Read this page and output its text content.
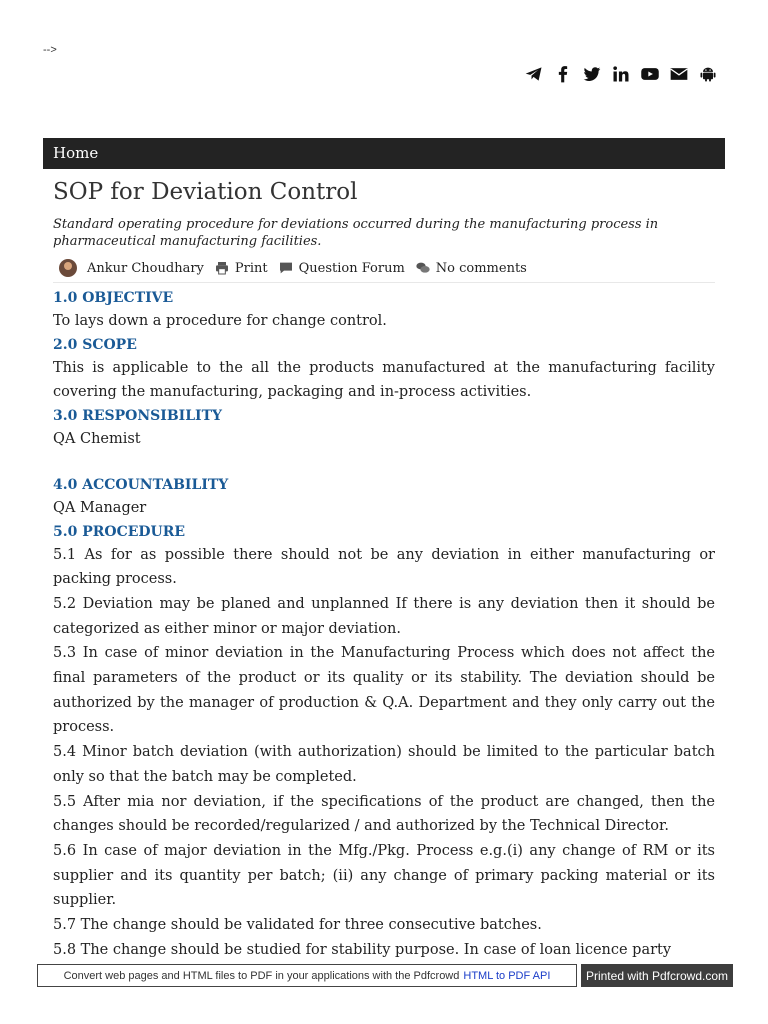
-->
Home
SOP for Deviation Control

Standard operating procedure for deviations occurred during the manufacturing process in pharmaceutical manufacturing facilities.

Ankur Choudhary Print Question Forum No comments

1.0 OBJECTIVE

To lays down a procedure for change control.

2.0 SCOPE

This is applicable to the all the products manufactured at the manufacturing facility covering the manufacturing, packaging and in-process activities.

3.0 RESPONSIBILITY

QA Chemist

4.0 ACCOUNTABILITY

QA Manager

5.0 PROCEDURE

5.1 As for as possible there should not be any deviation in either manufacturing or packing process.

5.2 Deviation may be planed and unplanned If there is any deviation then it should be categorized as either minor or major deviation.

5.3 In case of minor deviation in the Manufacturing Process which does not affect the final parameters of the product or its quality or its stability. The deviation should be authorized by the manager of production & Q.A. Department and they only carry out the process.

5.4 Minor batch deviation (with authorization) should be limited to the particular batch only so that the batch may be completed.

5.5 After mia nor deviation, if the specifications of the product are changed, then the changes should be recorded/regularized / and authorized by the Technical Director.

5.6 In case of major deviation in the Mfg./Pkg. Process e.g.(i) any change of RM or its supplier and its quantity per batch; (ii) any change of primary packing material or its supplier.

5.7 The change should be validated for three consecutive batches.

5.8 The change should be studied for stability purpose. In case of loan licence party

Convert web pages and HTML files to PDF in your applications with the Pdfcrowd HTML to PDF API	Printed with Pdfcrowd.com
